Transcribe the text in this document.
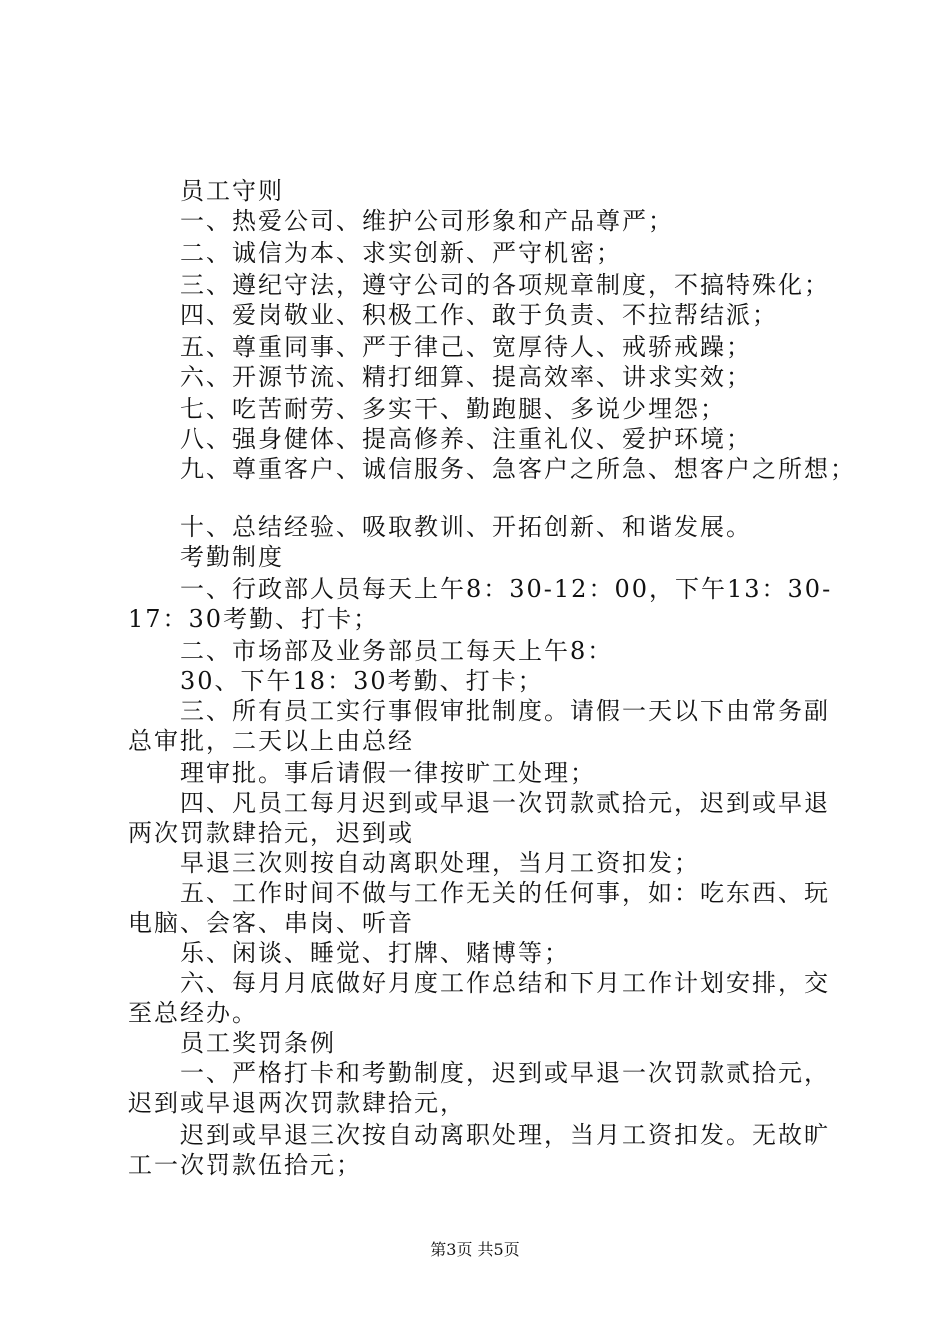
员工守则

一、热爱公司、维护公司形象和产品尊严；

二、诚信为本、求实创新、严守机密；

三、遵纪守法，遵守公司的各项规章制度，不搞特殊化；

四、爱岗敬业、积极工作、敢于负责、不拉帮结派；

五、尊重同事、严于律己、宽厚待人、戒骄戒躁；

六、开源节流、精打细算、提高效率、讲求实效；

七、吃苦耐劳、多实干、勤跑腿、多说少埋怨；

八、强身健体、提高修养、注重礼仪、爱护环境；

九、尊重客户、诚信服务、急客户之所急、想客户之所想；

十、总结经验、吸取教训、开拓创新、和谐发展。

考勤制度

一、行政部人员每天上午8：30-12：00，下午13：30-

17：30考勤、打卡；

二、市场部及业务部员工每天上午8：

30、下午18：30考勤、打卡；

三、所有员工实行事假审批制度。请假一天以下由常务副

总审批，二天以上由总经

理审批。事后请假一律按旷工处理；

四、凡员工每月迟到或早退一次罚款贰拾元，迟到或早退

两次罚款肆拾元，迟到或

早退三次则按自动离职处理，当月工资扣发；

五、工作时间不做与工作无关的任何事，如：吃东西、玩

电脑、会客、串岗、听音

乐、闲谈、睡觉、打牌、赌博等；

六、每月月底做好月度工作总结和下月工作计划安排，交

至总经办。

员工奖罚条例

一、严格打卡和考勤制度，迟到或早退一次罚款贰拾元，

迟到或早退两次罚款肆拾元，

迟到或早退三次按自动离职处理，当月工资扣发。无故旷

工一次罚款伍拾元；

第3页 共5页
